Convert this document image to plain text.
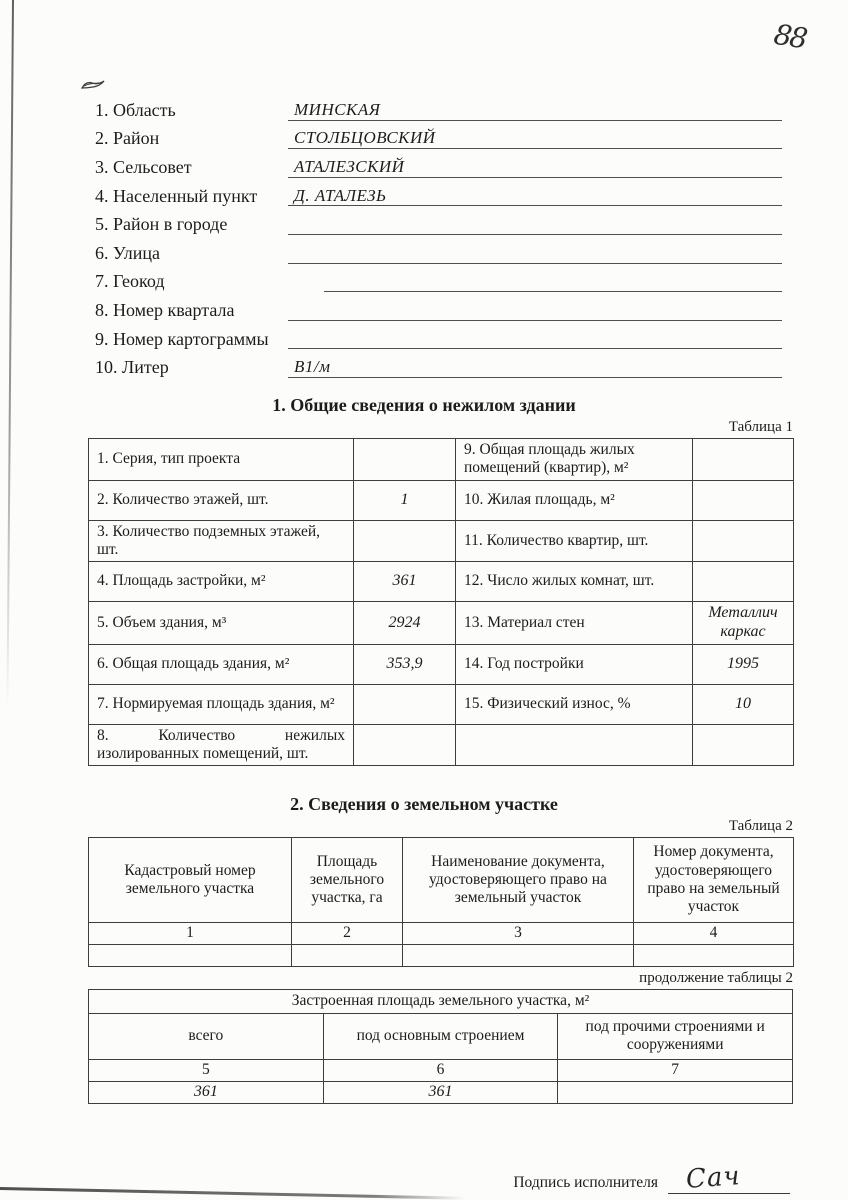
88
1. Область	МИНСКАЯ
2. Район	СТОЛБЦОВСКИЙ
3. Сельсовет	АТАЛЕЗСКИЙ
4. Населенный пункт	Д. АТАЛЕЗЬ
5. Район в городе
6. Улица
7. Геокод
8. Номер квартала
9. Номер картограммы
10. Литер	В1/м
1. Общие сведения о нежилом здании
Таблица 1
1. Серия, тип проекта		9. Общая площадь жилых помещений (квартир), м²	
2. Количество этажей, шт.	1	10. Жилая площадь, м²	
3. Количество подземных этажей, шт.		11. Количество квартир, шт.	
4. Площадь застройки, м²	361	12. Число жилых комнат, шт.	
5. Объем здания, м³	2924	13. Материал стен	Металлич каркас
6. Общая площадь здания, м²	353,9	14. Год постройки	1995
7. Нормируемая площадь здания, м²		15. Физический износ, %	10
8. Количество нежилых изолированных помещений, шт.			
2. Сведения о земельном участке
Таблица 2
Кадастровый номер земельного участка	Площадь земельного участка, га	Наименование документа, удостоверяющего право на земельный участок	Номер документа, удостоверяющего право на земельный участок
1	2	3	4

продолжение таблицы 2
Застроенная площадь земельного участка, м²		
всего	под основным строением	под прочими строениями и сооружениями
5	6	7
361	361	
Подпись исполнителя Сач
